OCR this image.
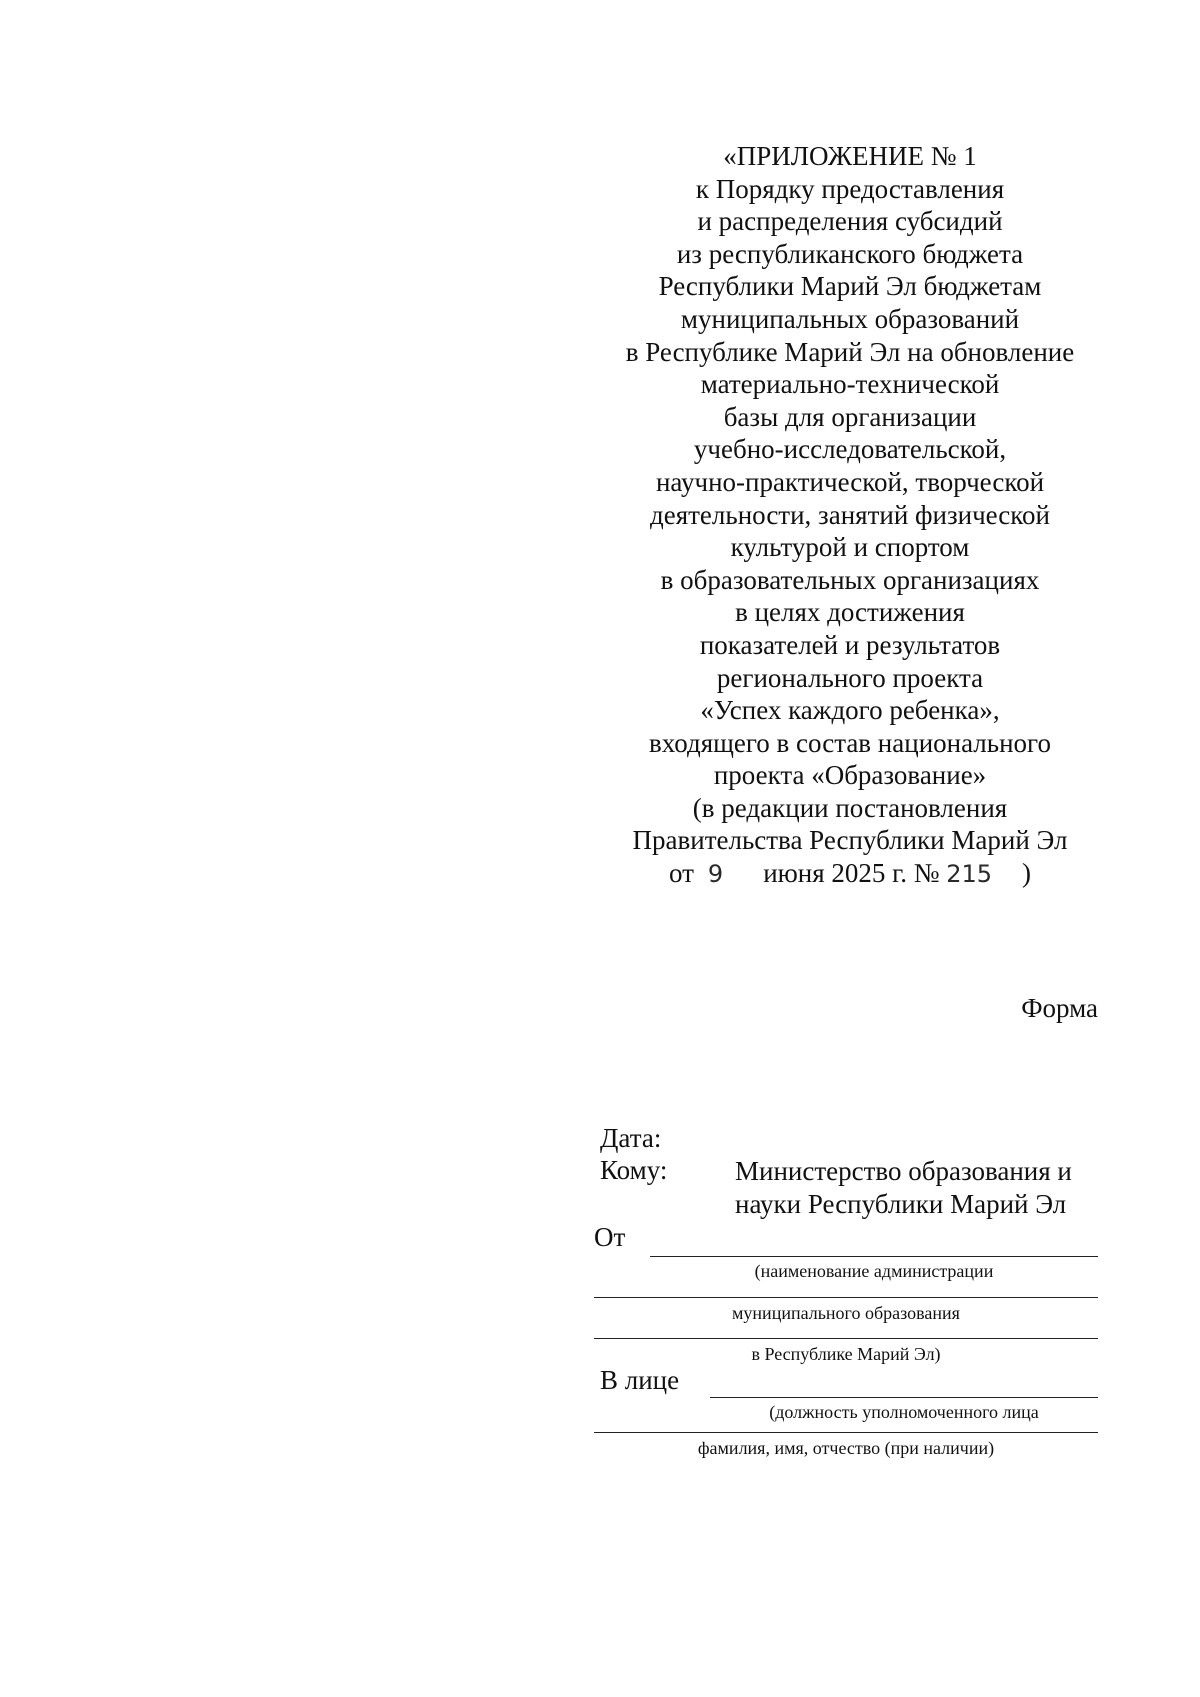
«ПРИЛОЖЕНИЕ № 1
к Порядку предоставления
и распределения субсидий
из республиканского бюджета
Республики Марий Эл бюджетам
муниципальных образований
в Республике Марий Эл на обновление
материально-технической
базы для организации
учебно-исследовательской,
научно-практической, творческой
деятельности, занятий физической
культурой и спортом
в образовательных организациях
в целях достижения
показателей и результатов
регионального проекта
«Успех каждого ребенка»,
входящего в состав национального
проекта «Образование»
(в редакции постановления
Правительства Республики Марий Эл
от 9 июня 2025 г. № 215 )
Форма
Дата:
Кому:	Министерство образования и
науки Республики Марий Эл
От
(наименование администрации
муниципального образования
в Республике Марий Эл)
В лице
(должность уполномоченного лица
фамилия, имя, отчество (при наличии)
